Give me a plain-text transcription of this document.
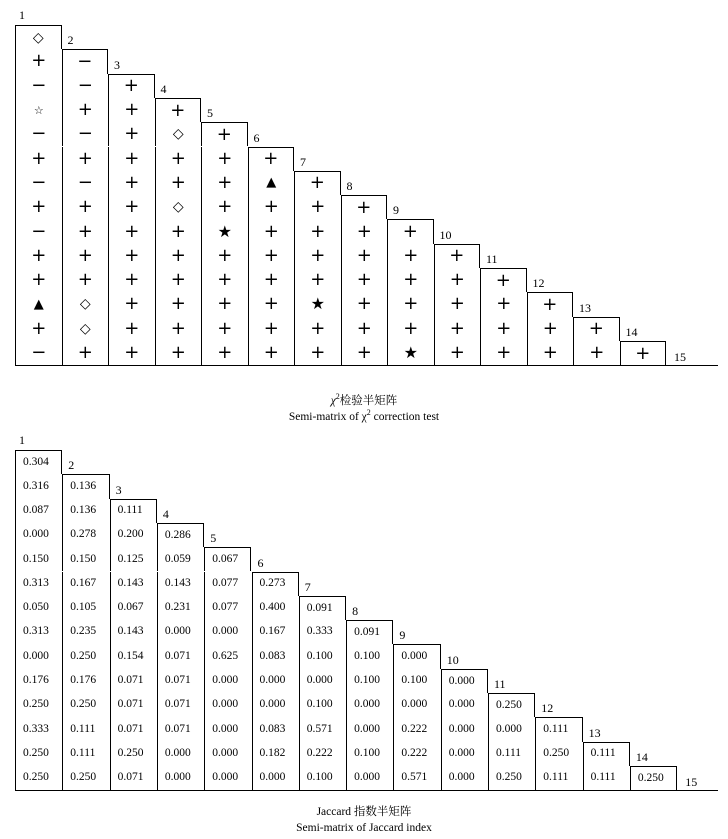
1
2
3
4
5
6
7
8
9
10
11
12
13
14
15
◇
+ −
− − +
☆ + + +
− − + ◇ +
+ + + + + +
− − + + +	▲ +
+ + + ◇ + + + +
− + + + ★ + + + +
+ + + + + + + + + +
+ + + + + + + + + + +
▲	◇ + + + + ★ + + + + +
+ ◇ + + + + + + + + + + +
− + + + + + + + ★ + + + + +
$\chi^2$检验半矩阵
Semi-matrix of $\chi^2$ correction test
1
2
3
4
5
6
7
8
9
10
11
12
13
14
15
0.304
0.316	0.136
0.087	0.136	0.111
0.000	0.278	0.200	0.286
0.150	0.150	0.125	0.059	0.067
0.313	0.167	0.143	0.143	0.077	0.273
0.050	0.105	0.067	0.231	0.077	0.400	0.091
0.313	0.235	0.143	0.000	0.000	0.167	0.333	0.091
0.000	0.250	0.154	0.071	0.625	0.083	0.100	0.100	0.000
0.176	0.176	0.071	0.071	0.000	0.000	0.000	0.100	0.100	0.000
0.250	0.250	0.071	0.071	0.000	0.000	0.100	0.000	0.000	0.000	0.250
0.333	0.111	0.071	0.071	0.000	0.083	0.571	0.000	0.222	0.000	0.000	0.111
0.250	0.111	0.250	0.000	0.000	0.182	0.222	0.100	0.222	0.000	0.111	0.250	0.111
0.250	0.250	0.071	0.000	0.000	0.000	0.100	0.000	0.571	0.000	0.250	0.111	0.111	0.250
Jaccard 指数半矩阵
Semi-matrix of Jaccard index
